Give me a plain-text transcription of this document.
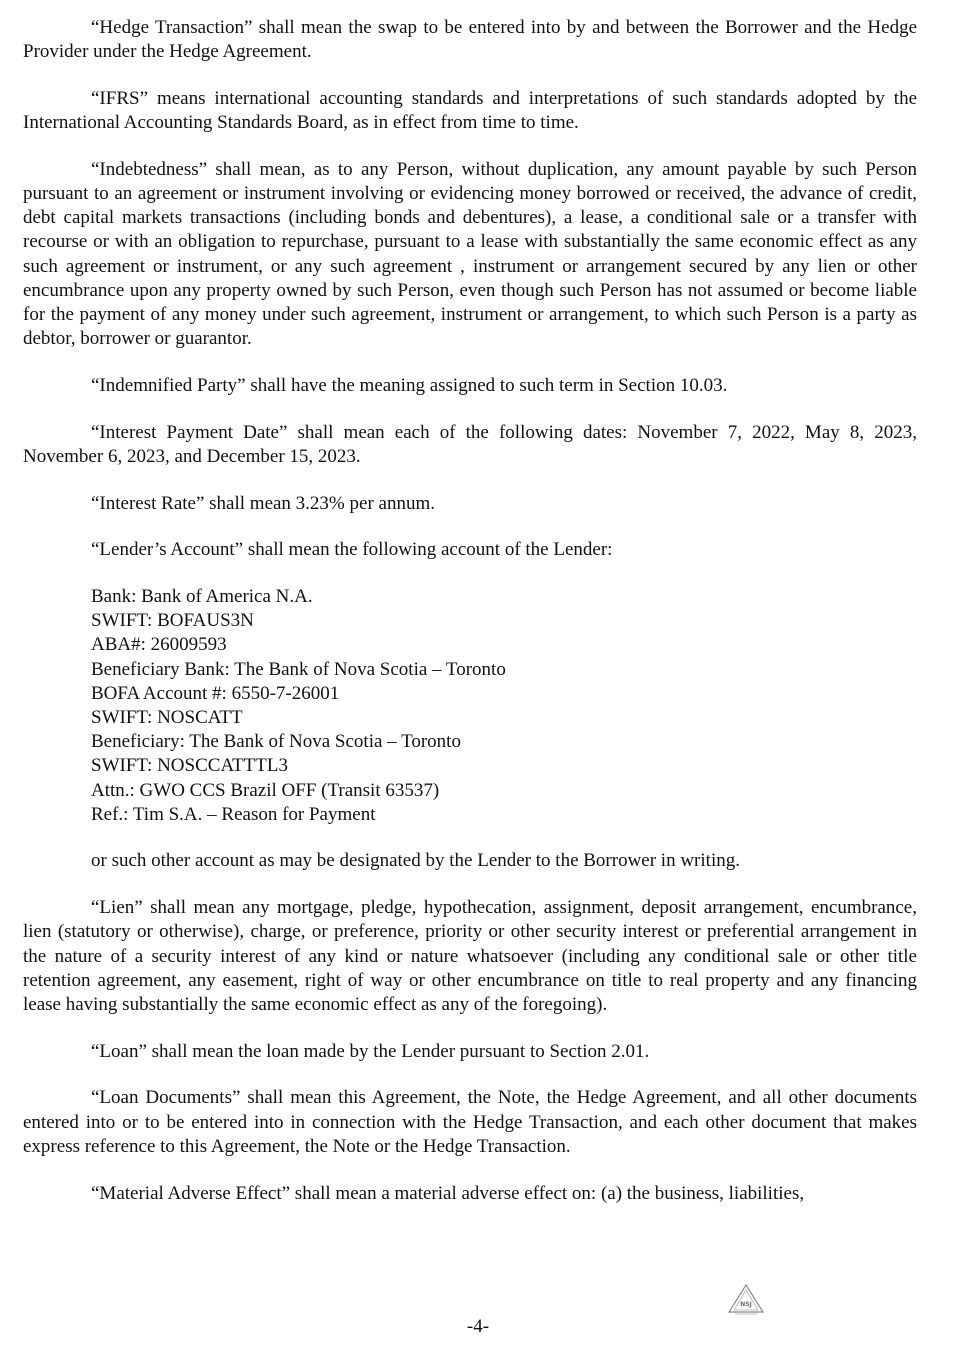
“Hedge Transaction” shall mean the swap to be entered into by and between the Borrower and the Hedge Provider under the Hedge Agreement.

“IFRS” means international accounting standards and interpretations of such standards adopted by the International Accounting Standards Board, as in effect from time to time.

“Indebtedness” shall mean, as to any Person, without duplication, any amount payable by such Person pursuant to an agreement or instrument involving or evidencing money borrowed or received, the advance of credit, debt capital markets transactions (including bonds and debentures), a lease, a conditional sale or a transfer with recourse or with an obligation to repurchase, pursuant to a lease with substantially the same economic effect as any such agreement or instrument, or any such agreement , instrument or arrangement secured by any lien or other encumbrance upon any property owned by such Person, even though such Person has not assumed or become liable for the payment of any money under such agreement, instrument or arrangement, to which such Person is a party as debtor, borrower or guarantor.

“Indemnified Party” shall have the meaning assigned to such term in Section 10.03.

“Interest Payment Date” shall mean each of the following dates: November 7, 2022, May 8, 2023, November 6, 2023, and December 15, 2023.

“Interest Rate” shall mean 3.23% per annum.

“Lender’s Account” shall mean the following account of the Lender:

Bank: Bank of America N.A.
SWIFT: BOFAUS3N
ABA#: 26009593
Beneficiary Bank: The Bank of Nova Scotia – Toronto
BOFA Account #: 6550-7-26001
SWIFT: NOSCATT
Beneficiary: The Bank of Nova Scotia – Toronto
SWIFT: NOSCCATTTL3
Attn.: GWO CCS Brazil OFF (Transit 63537)
Ref.: Tim S.A. – Reason for Payment

or such other account as may be designated by the Lender to the Borrower in writing.

“Lien” shall mean any mortgage, pledge, hypothecation, assignment, deposit arrangement, encumbrance, lien (statutory or otherwise), charge, or preference, priority or other security interest or preferential arrangement in the nature of a security interest of any kind or nature whatsoever (including any conditional sale or other title retention agreement, any easement, right of way or other encumbrance on title to real property and any financing lease having substantially the same economic effect as any of the foregoing).

“Loan” shall mean the loan made by the Lender pursuant to Section 2.01.

“Loan Documents” shall mean this Agreement, the Note, the Hedge Agreement, and all other documents entered into or to be entered into in connection with the Hedge Transaction, and each other document that makes express reference to this Agreement, the Note or the Hedge Transaction.

“Material Adverse Effect” shall mean a material adverse effect on: (a) the business, liabilities,

NSJ
-4-
